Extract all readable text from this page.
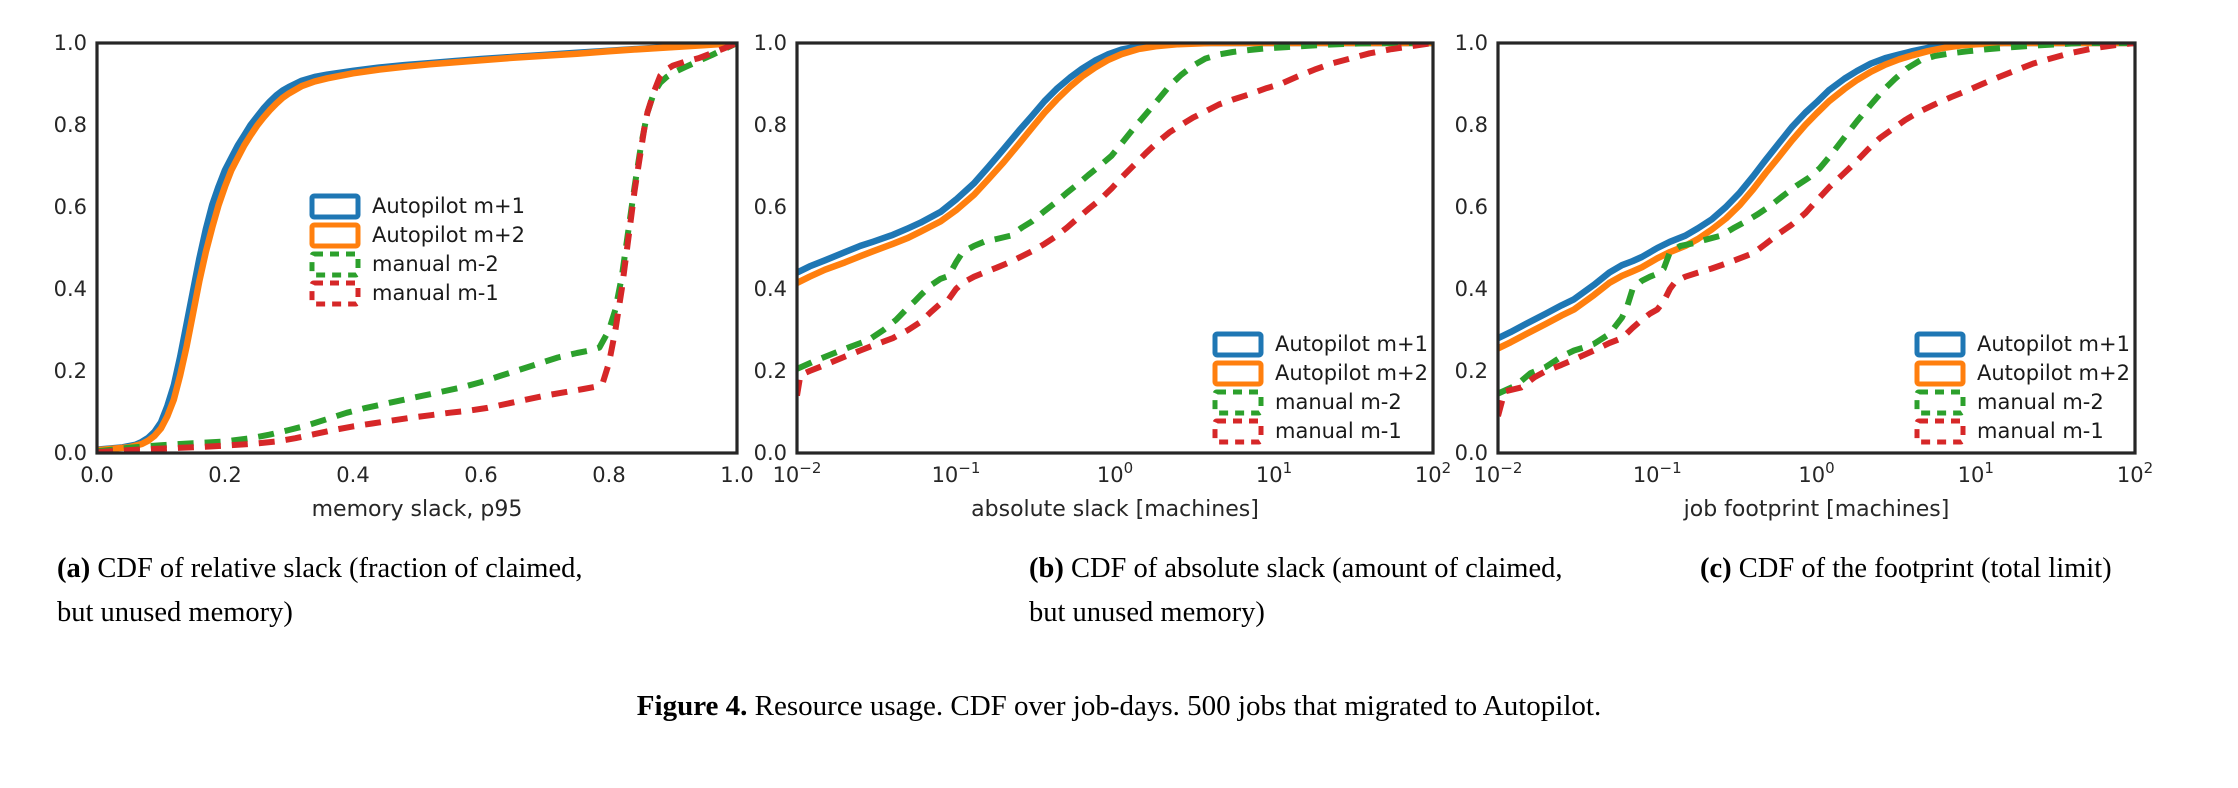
0.0	0.2	0.4	0.6	0.8	1.0
0.0
0.2
0.4
0.6
0.8
1.0
memory slack, p95
Autopilot m+1
Autopilot m+2
manual m-2
manual m-1
$10^{-2}$	$10^{-1}$	$10^0$	$10^1$	$10^2$
0.0
0.2
0.4
0.6
0.8
1.0
absolute slack [machines]
Autopilot m+1
Autopilot m+2
manual m-2
manual m-1
$10^{-2}$	$10^{-1}$	$10^0$	$10^1$	$10^2$
0.0
0.2
0.4
0.6
0.8
1.0
job footprint [machines]
Autopilot m+1
Autopilot m+2
manual m-2
manual m-1
(a) CDF of relative slack (fraction of claimed,
but unused memory)
(b) CDF of absolute slack (amount of claimed,
but unused memory)
(c) CDF of the footprint (total limit)
Figure 4. Resource usage. CDF over job-days. 500 jobs that migrated to Autopilot.
